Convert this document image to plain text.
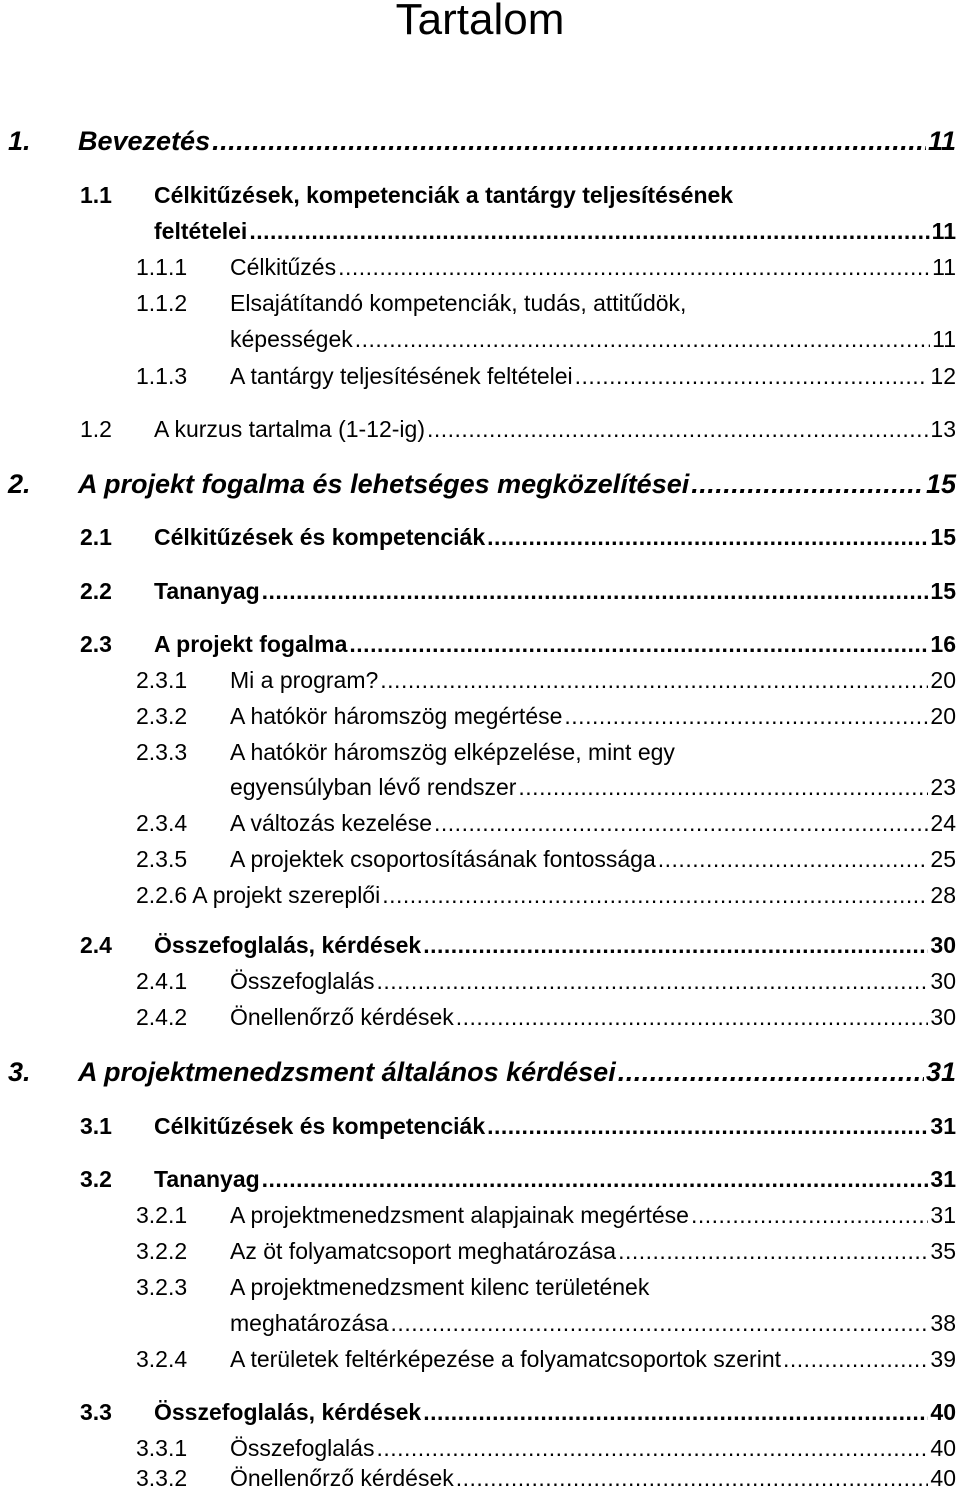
Tartalom
1. Bevezetés .....	11
1.1 Célkitűzések, kompetenciák a tantárgy teljesítésének
feltételei .....	11
1.1.1 Célkitűzés .....	11
1.1.2 Elsajátítandó kompetenciák, tudás, attitűdök,
képességek .....	11
1.1.3 A tantárgy teljesítésének feltételei .....	12
1.2 A kurzus tartalma (1-12-ig) .....	13
2. A projekt fogalma és lehetséges megközelítései .....	15
2.1 Célkitűzések és kompetenciák .....	15
2.2 Tananyag .....	15
2.3 A projekt fogalma .....	16
2.3.1 Mi a program? .....	20
2.3.2 A hatókör háromszög megértése .....	20
2.3.3 A hatókör háromszög elképzelése, mint egy
egyensúlyban lévő rendszer .....	23
2.3.4 A változás kezelése .....	24
2.3.5 A projektek csoportosításának fontossága .....	25
2.2.6 A projekt szereplői .....	28
2.4 Összefoglalás, kérdések .....	30
2.4.1 Összefoglalás .....	30
2.4.2 Önellenőrző kérdések .....	30
3. A projektmenedzsment általános kérdései .....	31
3.1 Célkitűzések és kompetenciák .....	31
3.2 Tananyag .....	31
3.2.1 A projektmenedzsment alapjainak megértése .....	31
3.2.2 Az öt folyamatcsoport meghatározása .....	35
3.2.3 A projektmenedzsment kilenc területének
meghatározása .....	38
3.2.4 A területek feltérképezése a folyamatcsoportok szerint .....	39
3.3 Összefoglalás, kérdések .....	40
3.3.1 Összefoglalás .....	40
3.3.2 Önellenőrző kérdések .....	40
